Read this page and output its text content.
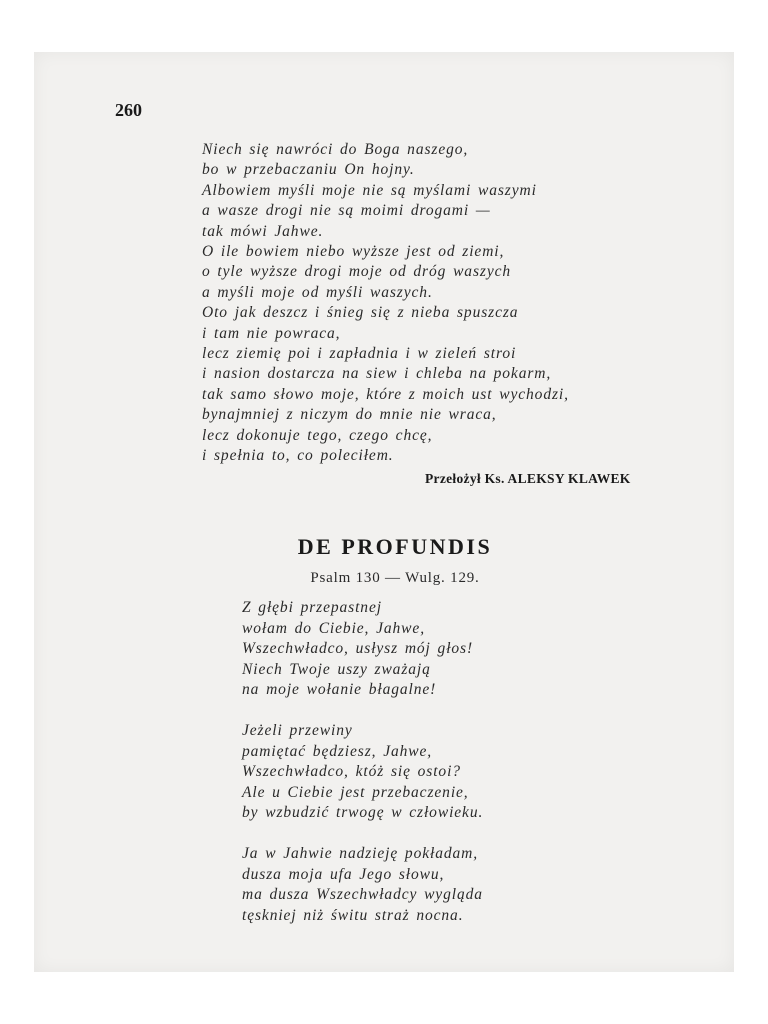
260
Niech się nawróci do Boga naszego,
bo w przebaczaniu On hojny.
Albowiem myśli moje nie są myślami waszymi
a wasze drogi nie są moimi drogami —
tak mówi Jahwe.
O ile bowiem niebo wyższe jest od ziemi,
o tyle wyższe drogi moje od dróg waszych
a myśli moje od myśli waszych.
Oto jak deszcz i śnieg się z nieba spuszcza
i tam nie powraca,
lecz ziemię poi i zapładnia i w zieleń stroi
i nasion dostarcza na siew i chleba na pokarm,
tak samo słowo moje, które z moich ust wychodzi,
bynajmniej z niczym do mnie nie wraca,
lecz dokonuje tego, czego chcę,
i spełnia to, co poleciłem.
Przełożył Ks. ALEKSY KLAWEK
DE PROFUNDIS
Psalm 130 — Wulg. 129.
Z głębi przepastnej
wołam do Ciebie, Jahwe,
Wszechwładco, usłysz mój głos!
Niech Twoje uszy zważają
na moje wołanie błagalne!
Jeżeli przewiny
pamiętać będziesz, Jahwe,
Wszechwładco, któż się ostoi?
Ale u Ciebie jest przebaczenie,
by wzbudzić trwogę w człowieku.
Ja w Jahwie nadzieję pokładam,
dusza moja ufa Jego słowu,
ma dusza Wszechwładcy wygląda
tęskniej niż świtu straż nocna.
